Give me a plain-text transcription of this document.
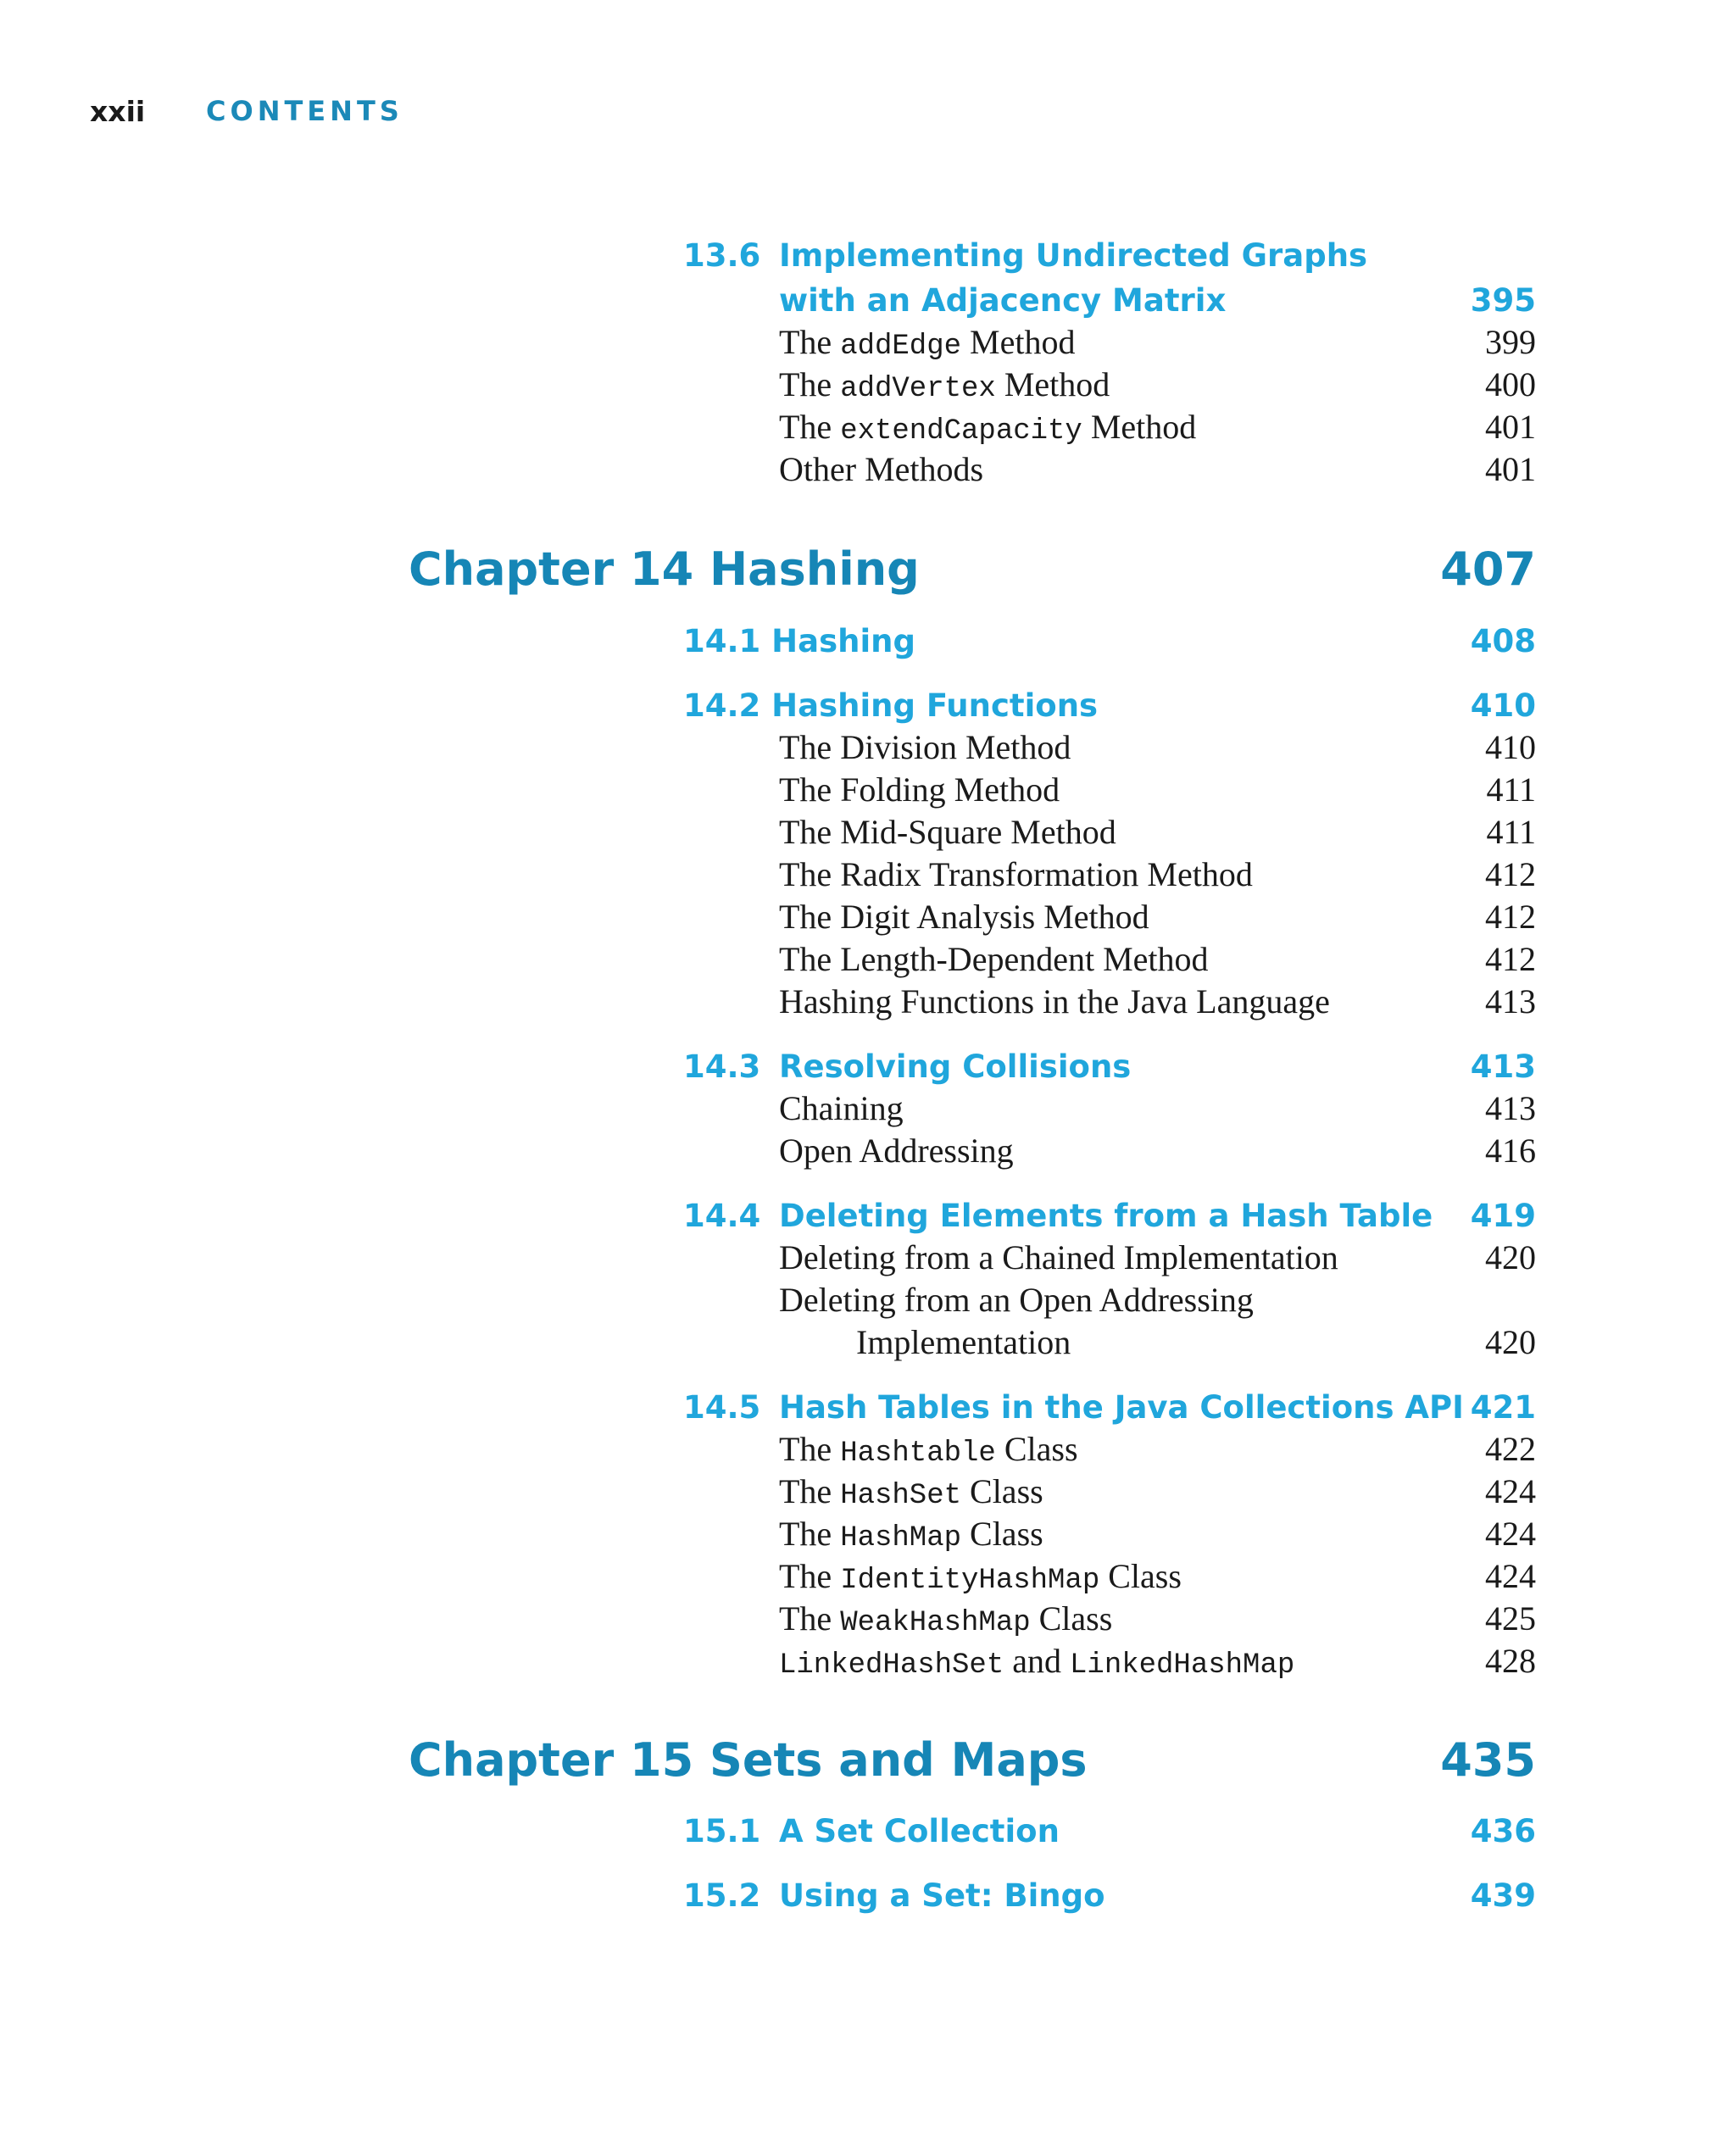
xxii CONTENTS
13.6 Implementing Undirected Graphs
with an Adjacency Matrix	395
The addEdge Method	399
The addVertex Method	400
The extendCapacity Method	401
Other Methods	401
Chapter 14 Hashing	407
14.1 Hashing	408
14.2 Hashing Functions	410
The Division Method	410
The Folding Method	411
The Mid-Square Method	411
The Radix Transformation Method	412
The Digit Analysis Method	412
The Length-Dependent Method	412
Hashing Functions in the Java Language	413
14.3 Resolving Collisions	413
Chaining	413
Open Addressing	416
14.4 Deleting Elements from a Hash Table 419
Deleting from a Chained Implementation	420
Deleting from an Open Addressing
Implementation	420
14.5 Hash Tables in the Java Collections API 421
The Hashtable Class	422
The HashSet Class	424
The HashMap Class	424
The IdentityHashMap Class	424
The WeakHashMap Class	425
LinkedHashSet and LinkedHashMap	428
Chapter 15 Sets and Maps	435
15.1 A Set Collection	436
15.2 Using a Set: Bingo	439
